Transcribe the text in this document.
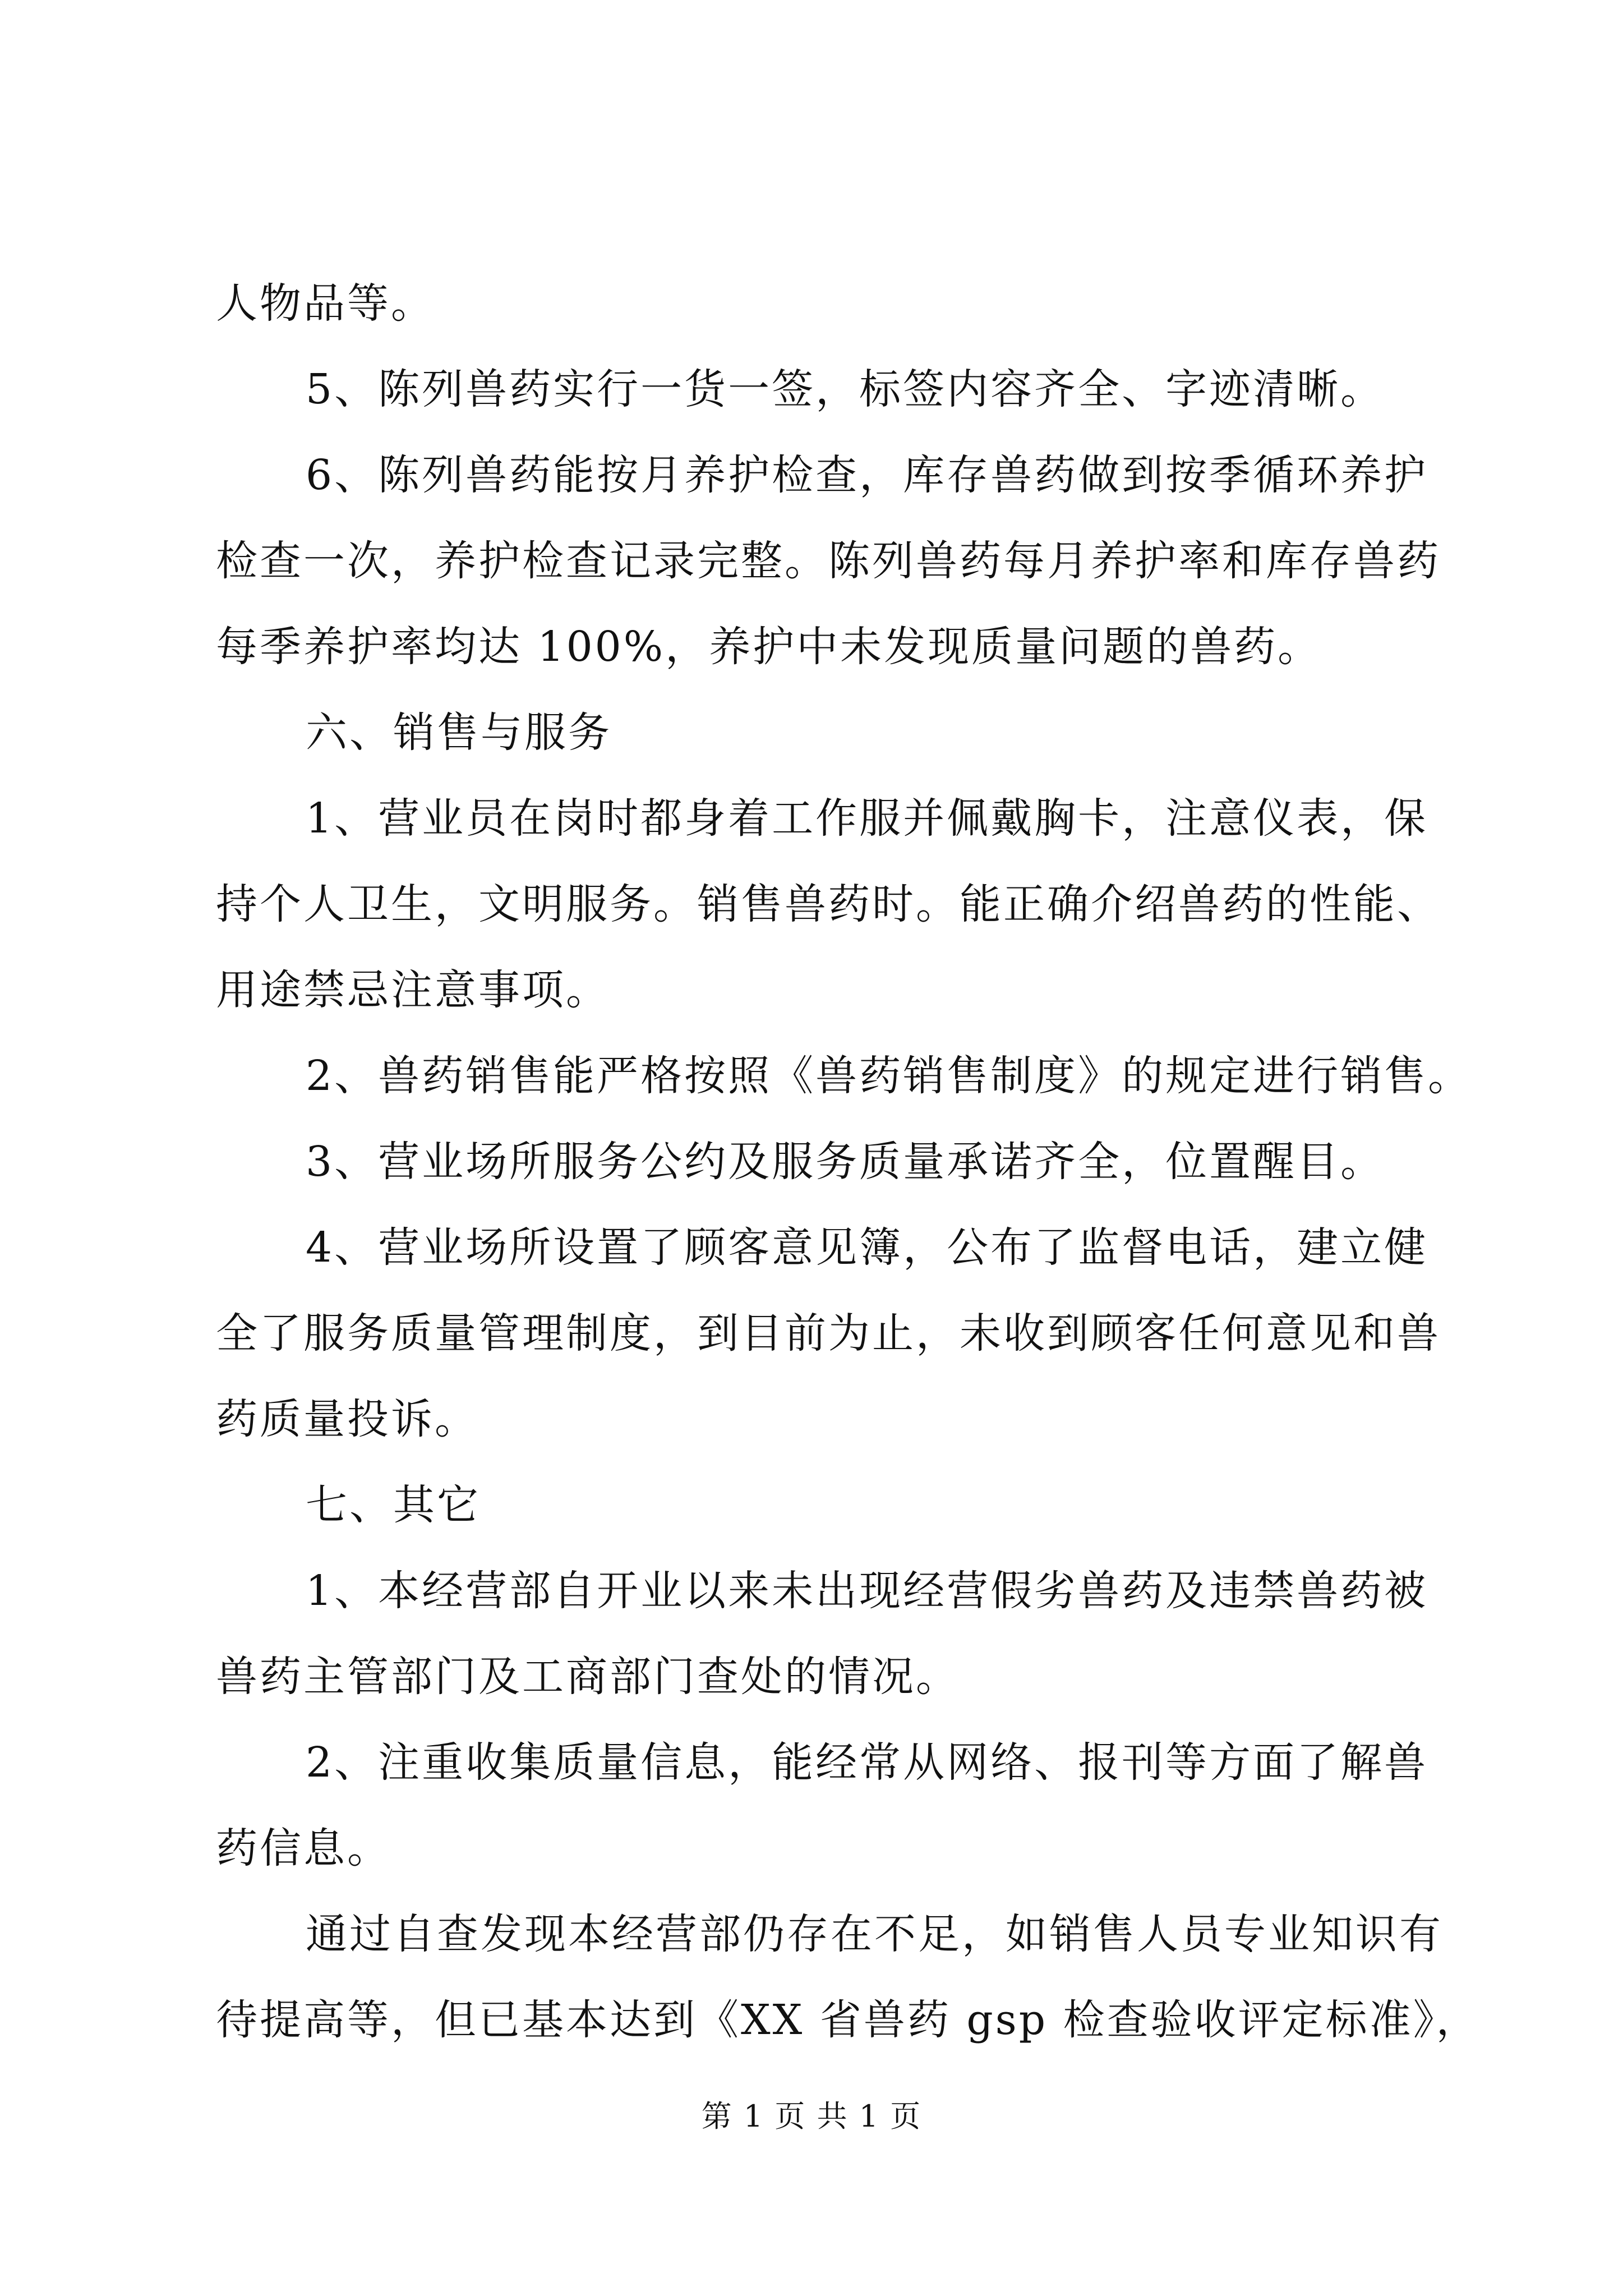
人物品等。
5、陈列兽药实行一货一签，标签内容齐全、字迹清晰。
6、陈列兽药能按月养护检查，库存兽药做到按季循环养护
检查一次，养护检查记录完整。陈列兽药每月养护率和库存兽药
每季养护率均达 100%，养护中未发现质量问题的兽药。
六、销售与服务
1、营业员在岗时都身着工作服并佩戴胸卡，注意仪表，保
持个人卫生，文明服务。销售兽药时。能正确介绍兽药的性能、
用途禁忌注意事项。
2、兽药销售能严格按照《兽药销售制度》的规定进行销售。
3、营业场所服务公约及服务质量承诺齐全，位置醒目。
4、营业场所设置了顾客意见簿，公布了监督电话，建立健
全了服务质量管理制度，到目前为止，未收到顾客任何意见和兽
药质量投诉。
七、其它
1、本经营部自开业以来未出现经营假劣兽药及违禁兽药被
兽药主管部门及工商部门查处的情况。
2、注重收集质量信息，能经常从网络、报刊等方面了解兽
药信息。
通过自查发现本经营部仍存在不足，如销售人员专业知识有
待提高等，但已基本达到《XX 省兽药 gsp 检查验收评定标准》，
第 1 页 共 1 页
